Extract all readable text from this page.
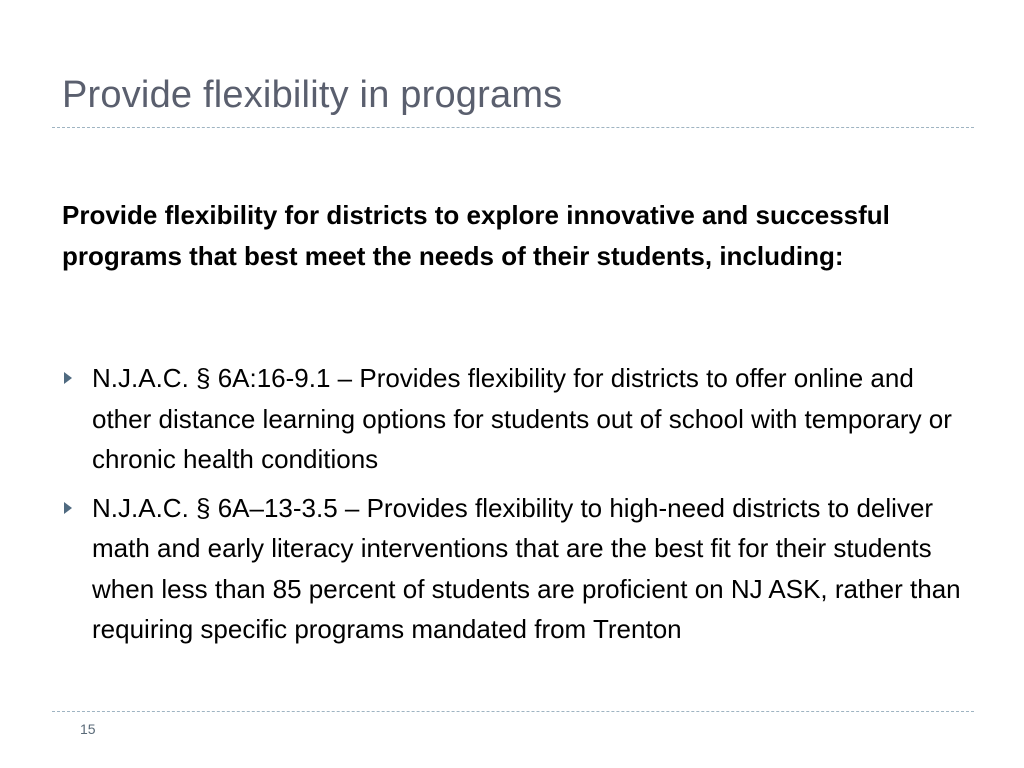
Provide flexibility in programs

Provide flexibility for districts to explore innovative and successful programs that best meet the needs of their students, including:

N.J.A.C. § 6A:16-9.1 – Provides flexibility for districts to offer online and other distance learning options for students out of school with temporary or chronic health conditions
N.J.A.C. § 6A–13-3.5 – Provides flexibility to high-need districts to deliver math and early literacy interventions that are the best fit for their students when less than 85 percent of students are proficient on NJ ASK, rather than requiring specific programs mandated from Trenton
15
